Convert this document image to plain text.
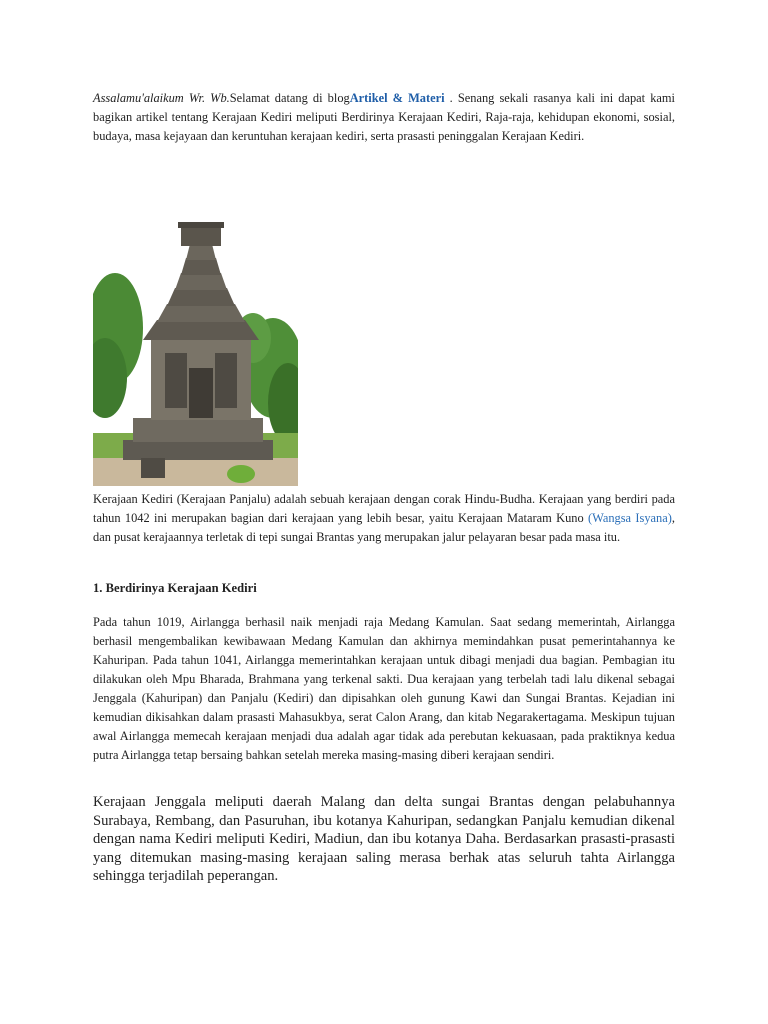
Assalamu'alaikum Wr. Wb.Selamat datang di blogArtikel & Materi . Senang sekali rasanya kali ini dapat kami bagikan artikel tentang Kerajaan Kediri meliputi Berdirinya Kerajaan Kediri, Raja-raja, kehidupan ekonomi, sosial, budaya, masa kejayaan dan keruntuhan kerajaan kediri, serta prasasti peninggalan Kerajaan Kediri.

Kerajaan Kediri (Kerajaan Panjalu) adalah sebuah kerajaan dengan corak Hindu-Budha. Kerajaan yang berdiri pada tahun 1042 ini merupakan bagian dari kerajaan yang lebih besar, yaitu Kerajaan Mataram Kuno (Wangsa Isyana), dan pusat kerajaannya terletak di tepi sungai Brantas yang merupakan jalur pelayaran besar pada masa itu.

1. Berdirinya Kerajaan Kediri

Pada tahun 1019, Airlangga berhasil naik menjadi raja Medang Kamulan. Saat sedang memerintah, Airlangga berhasil mengembalikan kewibawaan Medang Kamulan dan akhirnya memindahkan pusat pemerintahannya ke Kahuripan. Pada tahun 1041, Airlangga memerintahkan kerajaan untuk dibagi menjadi dua bagian. Pembagian itu dilakukan oleh Mpu Bharada, Brahmana yang terkenal sakti. Dua kerajaan yang terbelah tadi lalu dikenal sebagai Jenggala (Kahuripan) dan Panjalu (Kediri) dan dipisahkan oleh gunung Kawi dan Sungai Brantas. Kejadian ini kemudian dikisahkan dalam prasasti Mahasukbya, serat Calon Arang, dan kitab Negarakertagama. Meskipun tujuan awal Airlangga memecah kerajaan menjadi dua adalah agar tidak ada perebutan kekuasaan, pada praktiknya kedua putra Airlangga tetap bersaing bahkan setelah mereka masing-masing diberi kerajaan sendiri.

Kerajaan Jenggala meliputi daerah Malang dan delta sungai Brantas dengan pelabuhannya Surabaya, Rembang, dan Pasuruhan, ibu kotanya Kahuripan, sedangkan Panjalu kemudian dikenal dengan nama Kediri meliputi Kediri, Madiun, dan ibu kotanya Daha. Berdasarkan prasasti-prasasti yang ditemukan masing-masing kerajaan saling merasa berhak atas seluruh tahta Airlangga sehingga terjadilah peperangan.
